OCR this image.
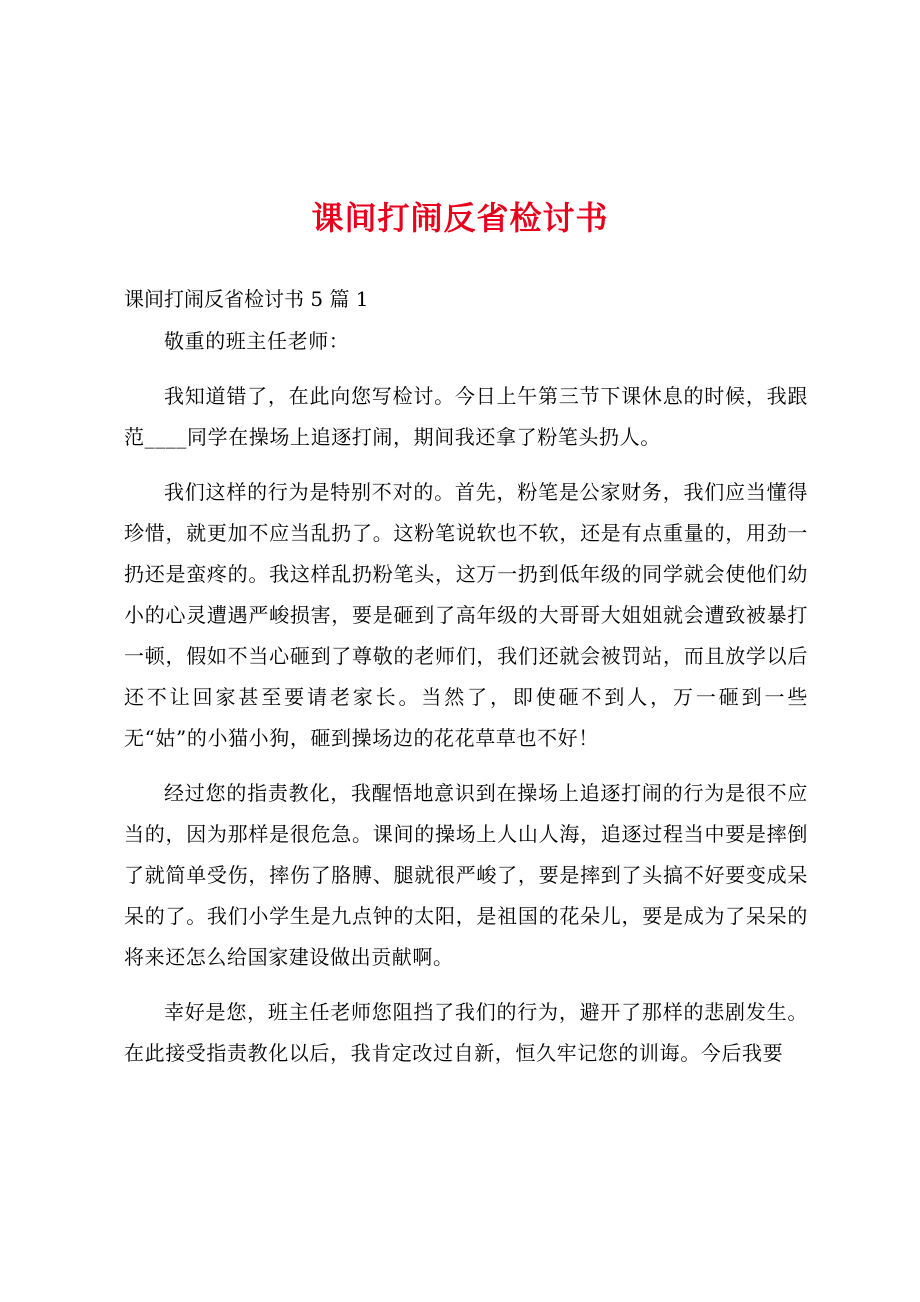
课间打闹反省检讨书
课间打闹反省检讨书 5 篇 1

敬重的班主任老师：

我知道错了，在此向您写检讨。今日上午第三节下课休息的时候，我跟范____同学在操场上追逐打闹，期间我还拿了粉笔头扔人。

我们这样的行为是特别不对的。首先，粉笔是公家财务，我们应当懂得珍惜，就更加不应当乱扔了。这粉笔说软也不软，还是有点重量的，用劲一扔还是蛮疼的。我这样乱扔粉笔头，这万一扔到低年级的同学就会使他们幼小的心灵遭遇严峻损害，要是砸到了高年级的大哥哥大姐姐就会遭致被暴打一顿，假如不当心砸到了尊敬的老师们，我们还就会被罚站，而且放学以后还不让回家甚至要请老家长。当然了，即使砸不到人，万一砸到一些无“姑”的小猫小狗，砸到操场边的花花草草也不好！

经过您的指责教化，我醒悟地意识到在操场上追逐打闹的行为是很不应当的，因为那样是很危急。课间的操场上人山人海，追逐过程当中要是摔倒了就简单受伤，摔伤了胳膊、腿就很严峻了，要是摔到了头搞不好要变成呆呆的了。我们小学生是九点钟的太阳，是祖国的花朵儿，要是成为了呆呆的将来还怎么给国家建设做出贡献啊。

幸好是您，班主任老师您阻挡了我们的行为，避开了那样的悲剧发生。在此接受指责教化以后，我肯定改过自新，恒久牢记您的训诲。今后我要
